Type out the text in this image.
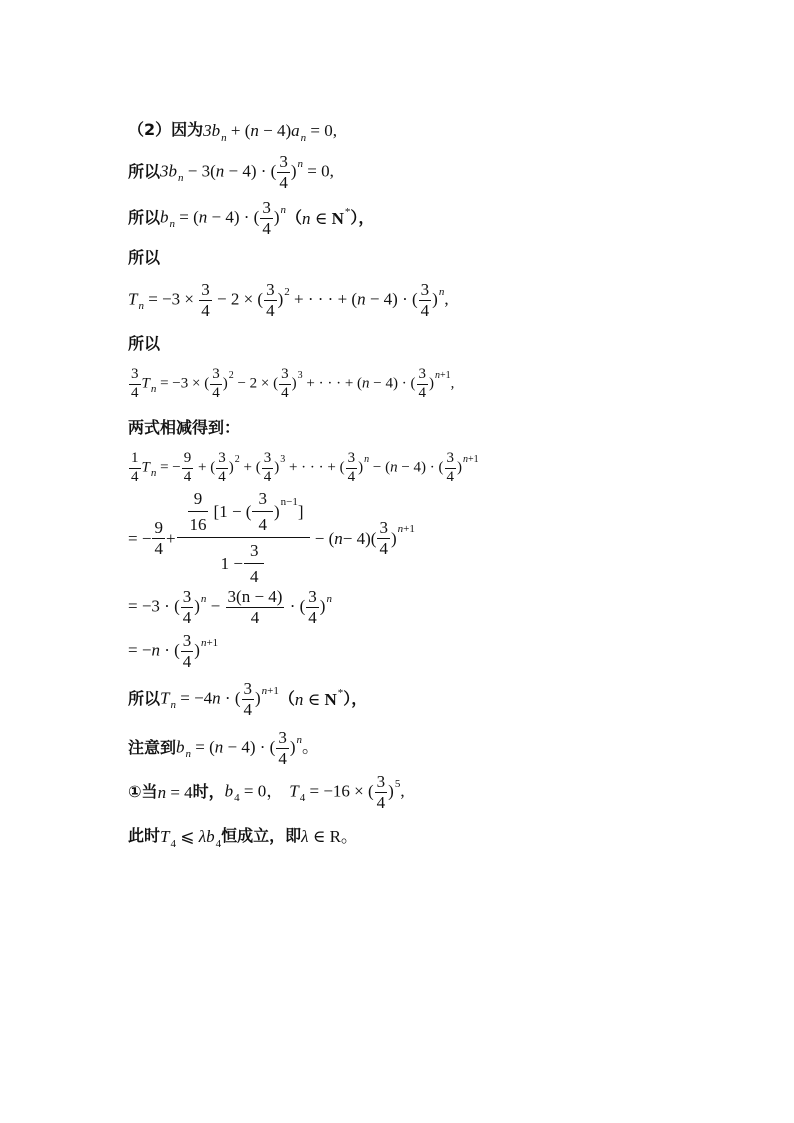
（2）因为 $3b_n + (n - 4)a_n = 0$,
所以 $3b_n - 3(n - 4)$ · ( $\frac{3}{4} )^n = 0$,
所以 $b_n = (n - 4)$ · ( $\frac{3}{4} )^n$ （ n ∈ N* ），
所以
$T_n = -3 \times \frac{3}{4} - 2$ × ( $\frac{3}{4} )^2$ + · · · + (n − 4) · ( $\frac{3}{4} )^n$,
所以
$\frac{3}{4} T_n = -3$ × ( $\frac{3}{4} )^2 - 2$ × ( $\frac{3}{4} )^3$ + · · · + (n − 4) · ( $\frac{3}{4} )^{n+1}$,
两式相减得到：
$\frac{1}{4} T_n$ = − $\frac{9}{4}$ + ( $\frac{3}{4} )^2$ + ( $\frac{3}{4} )^3$ + · · · + ( $\frac{3}{4} )^n - (n - 4)$ · ( $\frac{3}{4} )^{n+1}$
= − $\frac{9}{4} + \frac{\frac{9}{16} [1 - ( \frac{3}{4} ) n-1 ]}{1 - \frac{3}{4}}$ − ( $n - 4)( \frac{3}{4}$ ) n+1
= −3 · ( $\frac{3}{4} )^n - \frac{3(n - 4)}{4}$ · ( $\frac{3}{4} )^n$
= −n · ( $\frac{3}{4} )^{n+1}$
所以 $T_n = -4n$ · ( $\frac{3}{4} )^{n+1}$ （ n ∈ N* ），
注意到 $b_n = (n - 4)$ · ( $\frac{3}{4} )^n$。
①当 n = 4 时， $b_4 = 0$， $T_4 = -16$ × ( $\frac{3}{4} )^5$,
此时 $T_4$ ⩽ $\lambda b_4$ 恒成立，即 λ ∈ R。
